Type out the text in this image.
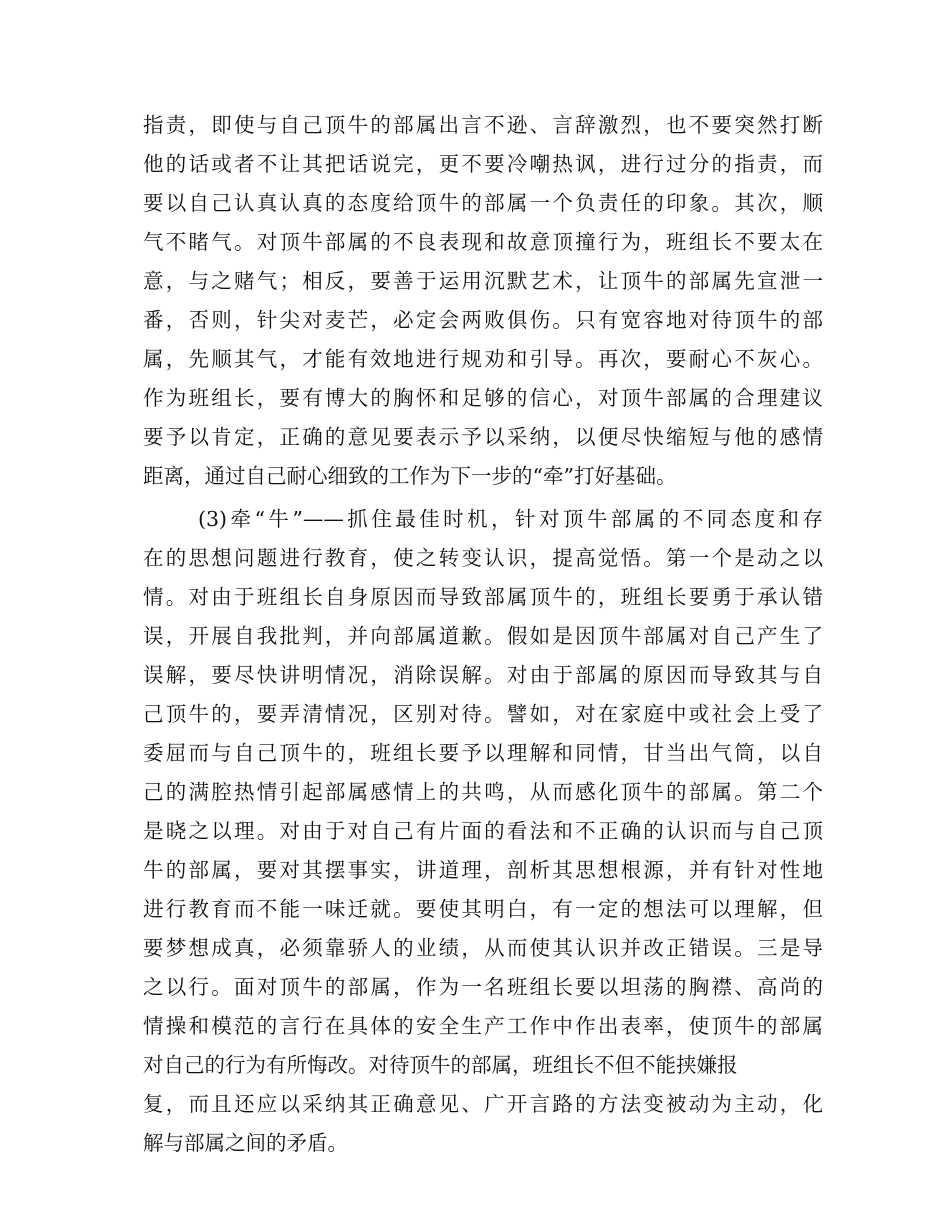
指责，即使与自己顶牛的部属出言不逊、言辞激烈，也不要突然打断
他的话或者不让其把话说完，更不要冷嘲热讽，进行过分的指责，而
要以自己认真认真的态度给顶牛的部属一个负责任的印象。其次，顺
气不睹气。对顶牛部属的不良表现和故意顶撞行为，班组长不要太在
意，与之赌气；相反，要善于运用沉默艺术，让顶牛的部属先宣泄一
番，否则，针尖对麦芒，必定会两败俱伤。只有宽容地对待顶牛的部
属，先顺其气，才能有效地进行规劝和引导。再次，要耐心不灰心。
作为班组长，要有博大的胸怀和足够的信心，对顶牛部属的合理建议
要予以肯定，正确的意见要表示予以采纳，以便尽快缩短与他的感情
距离，通过自己耐心细致的工作为下一步的“牵”打好基础。
(3)牵“牛”——抓住最佳时机，针对顶牛部属的不同态度和存
在的思想问题进行教育，使之转变认识，提高觉悟。第一个是动之以
情。对由于班组长自身原因而导致部属顶牛的，班组长要勇于承认错
误，开展自我批判，并向部属道歉。假如是因顶牛部属对自己产生了
误解，要尽快讲明情况，消除误解。对由于部属的原因而导致其与自
己顶牛的，要弄清情况，区别对待。譬如，对在家庭中或社会上受了
委屈而与自己顶牛的，班组长要予以理解和同情，甘当出气筒，以自
己的满腔热情引起部属感情上的共鸣，从而感化顶牛的部属。第二个
是晓之以理。对由于对自己有片面的看法和不正确的认识而与自己顶
牛的部属，要对其摆事实，讲道理，剖析其思想根源，并有针对性地
进行教育而不能一味迁就。要使其明白，有一定的想法可以理解，但
要梦想成真，必须靠骄人的业绩，从而使其认识并改正错误。三是导
之以行。面对顶牛的部属，作为一名班组长要以坦荡的胸襟、高尚的
情操和模范的言行在具体的安全生产工作中作出表率，使顶牛的部属
对自己的行为有所悔改。对待顶牛的部属，班组长不但不能挟嫌报
复，而且还应以采纳其正确意见、广开言路的方法变被动为主动，化
解与部属之间的矛盾。
